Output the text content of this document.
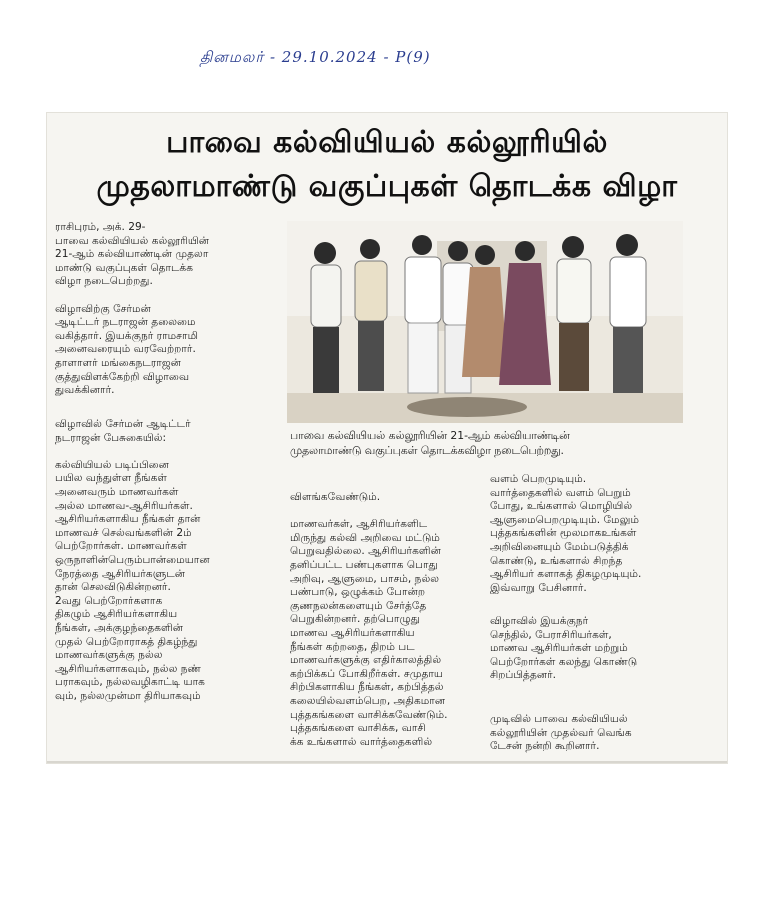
தினமலர் - 29.10.2024 - P(9)
பாவை கல்வியியல் கல்லூரியில்
முதலாமாண்டு வகுப்புகள் தொடக்க விழா
ராசிபுரம், அக். 29-
பாவை கல்வியியல் கல்லூரியின்
21-ஆம் கல்வியாண்டின் முதலா
மாண்டு வகுப்புகள் தொடக்க
விழா நடைபெற்றது.

விழாவிற்கு சேர்மன்
ஆடிட்டர் நடராஜன் தலைமை
வகித்தார். இயக்குநர் ராமசாமி
அனைவரையும் வரவேற்றார்.
தாளாளர் மங்கைநடராஜன்
குத்துவிளக்கேற்றி விழாவை
துவக்கினார்.
விழாவில் சேர்மன் ஆடிட்டர்
நடராஜன் பேசுகையில்:

கல்வியியல் படிப்பினை
பயில வந்துள்ள நீங்கள்
அனைவரும் மாணவர்கள்
அல்ல மாணவ-ஆசிரியர்கள்.
ஆசிரியர்களாகிய நீங்கள் தான்
மாணவச் செல்வங்களின் 2ம்
பெற்றோர்கள். மாணவர்கள்
ஒருநாளின்பெரும்பான்மையான
நேரத்தை ஆசிரியர்களுடன்
தான் செலவிடுகின்றனர்.
2வது பெற்றோர்களாக
திகழும் ஆசிரியர்களாகிய
நீங்கள், அக்குழந்தைகளின்
முதல் பெற்றோராகத் திகழ்ந்து
மாணவர்களுக்கு நல்ல
ஆசிரியர்களாகவும், நல்ல நண்
பராகவும், நல்லவழிகாட்டி யாக
வும், நல்லமுன்மா திரியாகவும்
பாவை கல்வியியல் கல்லூரியின் 21-ஆம் கல்வியாண்டின்
முதலாமாண்டு வகுப்புகள் தொடக்கவிழா நடைபெற்றது.
விளங்கவேண்டும்.

மாணவர்கள், ஆசிரியர்களிட
மிருந்து கல்வி அறிவை மட்டும்
பெறுவதில்லை. ஆசிரியர்களின்
தனிப்பட்ட பண்புகளாக பொது
அறிவு, ஆளுமை, பாசம், நல்ல
பண்பாடு, ஒழுக்கம் போன்ற
குணநலன்களையும் சேர்த்தே
பெறுகின்றனர். தற்பொழுது
மாணவ ஆசிரியர்களாகிய
நீங்கள் கற்றதை, திறம் பட
மாணவர்களுக்கு எதிர்காலத்தில்
கற்பிக்கப் போகிறீர்கள். சமுதாய
சிற்பிகளாகிய நீங்கள், கற்பித்தல்
கலையில்வளம்பெற, அதிகமான
புத்தகங்களை வாசிக்கவேண்டும்.
புத்தகங்களை வாசிக்க, வாசி
க்க உங்களால் வார்த்தைகளில்
வளம் பெறமுடியும்.
வார்த்தைகளில் வளம் பெறும்
போது, உங்களால் மொழியில்
ஆளுமைபெறமுடியும். மேலும்
புத்தகங்களின் மூலமாகஉங்கள்
அறிவினையும் மேம்படுத்திக்
கொண்டு, உங்களால் சிறந்த
ஆசிரியர் களாகத் திகழமுடியும்.
இவ்வாறு பேசினார்.
விழாவில் இயக்குநர்
செந்தில், பேராசிரியர்கள்,
மாணவ ஆசிரியர்கள் மற்றும்
பெற்றோர்கள் கலந்து கொண்டு
சிறப்பித்தனர்.
முடிவில் பாவை கல்வியியல்
கல்லூரியின் முதல்வர் வெங்க
டேசன் நன்றி கூறினார்.
